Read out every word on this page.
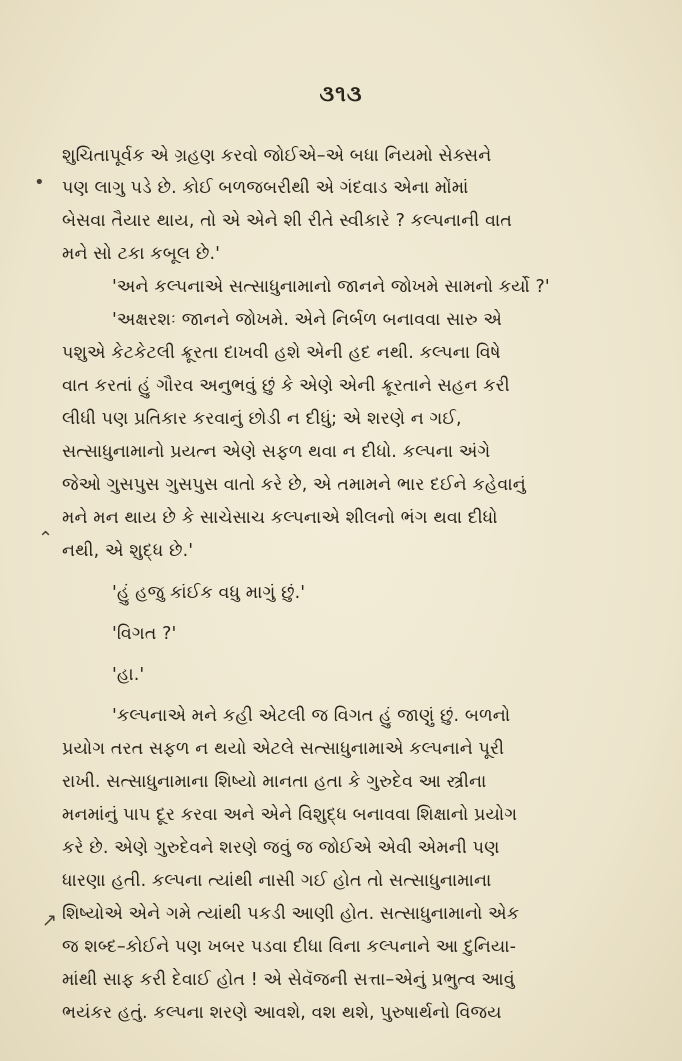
૩૧૩
•
⌃
↗
શુચિતાપૂર્વક એ ગ્રહણ કરવો જોઈએ–એ બધા નિયમો સેક્સને
પણ લાગુ પડે છે. કોઈ બળજબરીથી એ ગંદવાડ એના મોંમાં
બેસવા તૈયાર થાય, તો એ એને શી રીતે સ્વીકારે ? કલ્પનાની વાત
મને સો ટકા કબૂલ છે.'
'અને કલ્પનાએ સત્સાધુનામાનો જાનને જોખમે સામનો કર્યો ?'
'અક્ષરશઃ જાનને જોખમે. એને નિર્બળ બનાવવા સારુ એ
પશુએ કેટકેટલી ક્રૂરતા દાખવી હશે એની હદ નથી. કલ્પના વિષે
વાત કરતાં હું ગૌરવ અનુભવું છું કે એણે એની ક્રૂરતાને સહન કરી
લીધી પણ પ્રતિકાર કરવાનું છોડી ન દીધું; એ શરણે ન ગઈ,
સત્સાધુનામાનો પ્રયત્ન એણે સફળ થવા ન દીધો. કલ્પના અંગે
જેઓ ગુસપુસ ગુસપુસ વાતો કરે છે, એ તમામને ભાર દઈને કહેવાનું
મને મન થાય છે કે સાચેસાચ કલ્પનાએ શીલનો ભંગ થવા દીધો
નથી, એ શુદ્ધ છે.'
'હું હજુ કાંઈક વધુ માગું છું.'
'વિગત ?'
'હા.'
'કલ્પનાએ મને કહી એટલી જ વિગત હું જાણું છું. બળનો
પ્રયોગ તરત સફળ ન થયો એટલે સત્સાધુનામાએ કલ્પનાને પૂરી
રાખી. સત્સાધુનામાના શિષ્યો માનતા હતા કે ગુરુદેવ આ સ્ત્રીના
મનમાંનું પાપ દૂર કરવા અને એને વિશુદ્ધ બનાવવા શિક્ષાનો પ્રયોગ
કરે છે. એણે ગુરુદેવને શરણે જવું જ જોઈએ એવી એમની પણ
ધારણા હતી. કલ્પના ત્યાંથી નાસી ગઈ હોત તો સત્સાધુનામાના
શિષ્યોએ એને ગમે ત્યાંથી પકડી આણી હોત. સત્સાધુનામાનો એક
જ શબ્દ–કોઈને પણ ખબર પડવા દીધા વિના કલ્પનાને આ દુનિયા-
માંથી સાફ કરી દેવાઈ હોત ! એ સેવૅજની સત્તા–એનું પ્રભુત્વ આવું
ભયંકર હતું. કલ્પના શરણે આવશે, વશ થશે, પુરુષાર્થનો વિજય
